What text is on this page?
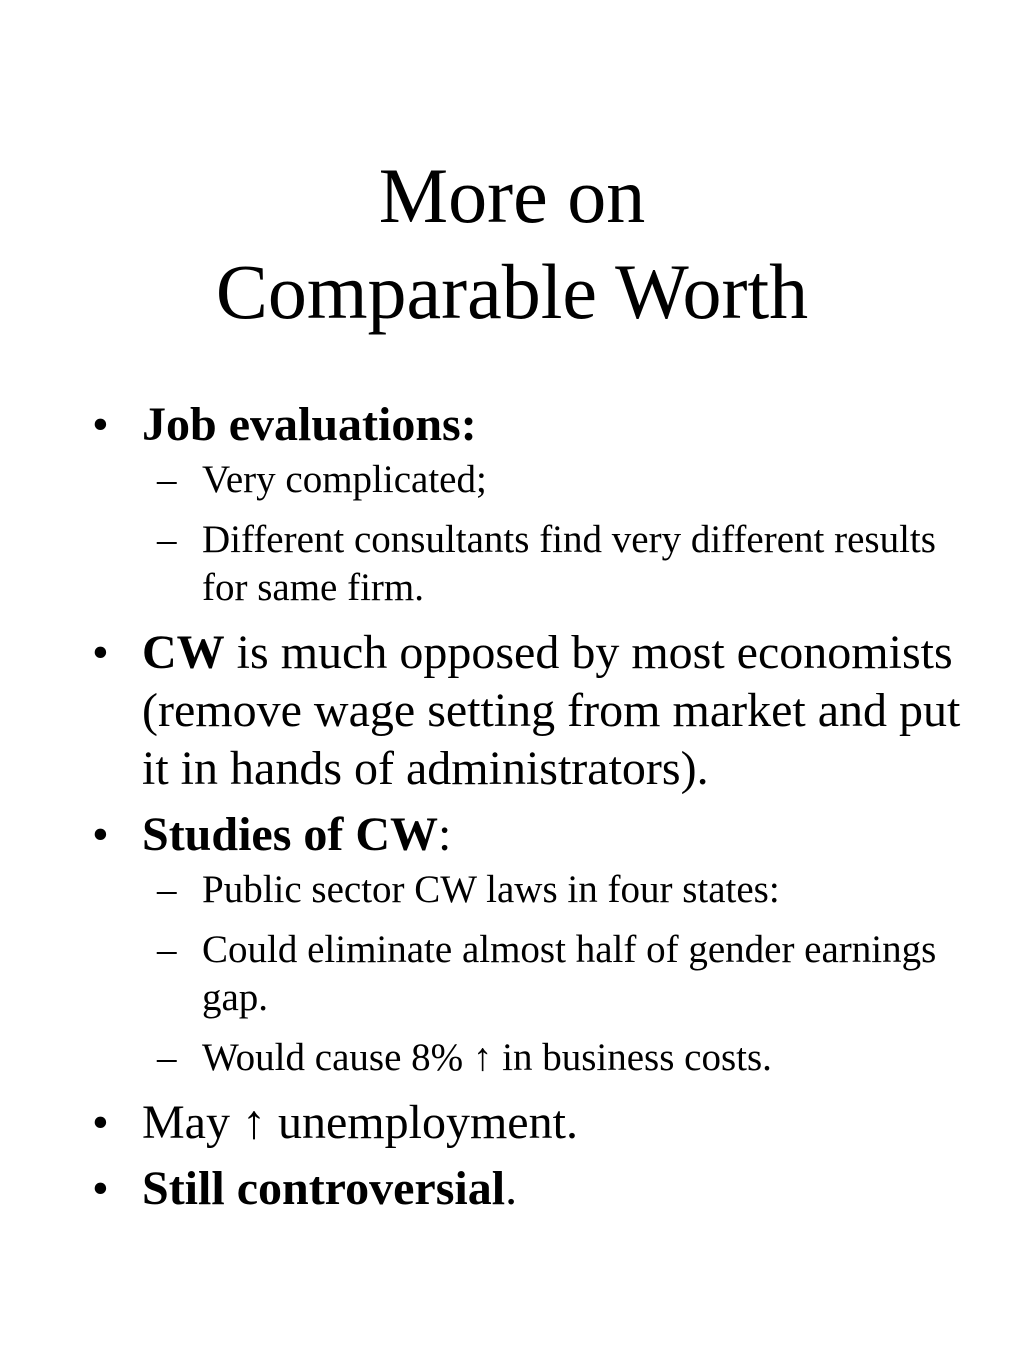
More on
Comparable Worth
• Job evaluations:
– Very complicated;
– Different consultants find very different results for same firm.
• CW is much opposed by most economists (remove wage setting from market and put it in hands of administrators).
• Studies of CW:
– Public sector CW laws in four states:
– Could eliminate almost half of gender earnings gap.
– Would cause 8% ↑ in business costs.
• May ↑ unemployment.
• Still controversial.
